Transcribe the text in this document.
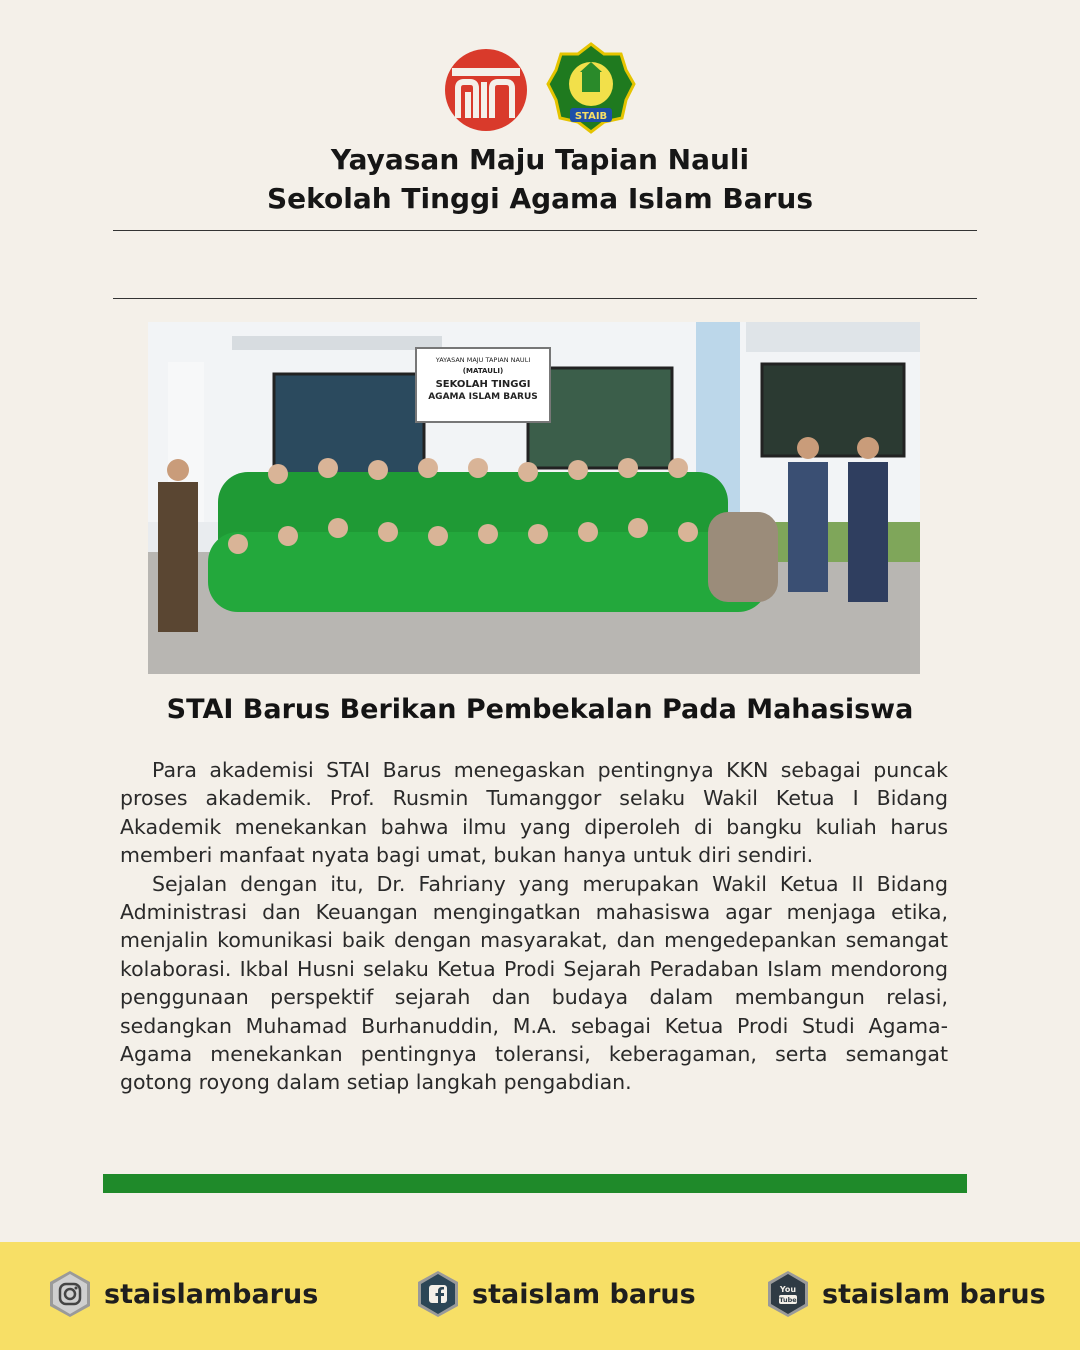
STAIB
Yayasan Maju Tapian Nauli
Sekolah Tinggi Agama Islam Barus
YAYASAN MAJU TAPIAN NAULI
(MATAULI)
SEKOLAH TINGGI
AGAMA ISLAM BARUS
STAI Barus Berikan Pembekalan Pada Mahasiswa

Para akademisi STAI Barus menegaskan pentingnya KKN sebagai puncak proses akademik. Prof. Rusmin Tumanggor selaku Wakil Ketua I Bidang Akademik menekankan bahwa ilmu yang diperoleh di bangku kuliah harus memberi manfaat nyata bagi umat, bukan hanya untuk diri sendiri.

Sejalan dengan itu, Dr. Fahriany yang merupakan Wakil Ketua II Bidang Administrasi dan Keuangan mengingatkan mahasiswa agar menjaga etika, menjalin komunikasi baik dengan masyarakat, dan mengedepankan semangat kolaborasi. Ikbal Husni selaku Ketua Prodi Sejarah Peradaban Islam mendorong penggunaan perspektif sejarah dan budaya dalam membangun relasi, sedangkan Muhamad Burhanuddin, M.A. sebagai Ketua Prodi Studi Agama-Agama menekankan pentingnya toleransi, keberagaman, serta semangat gotong royong dalam setiap langkah pengabdian.

staislambarus	staislam barus	You
Tube staislam barus
